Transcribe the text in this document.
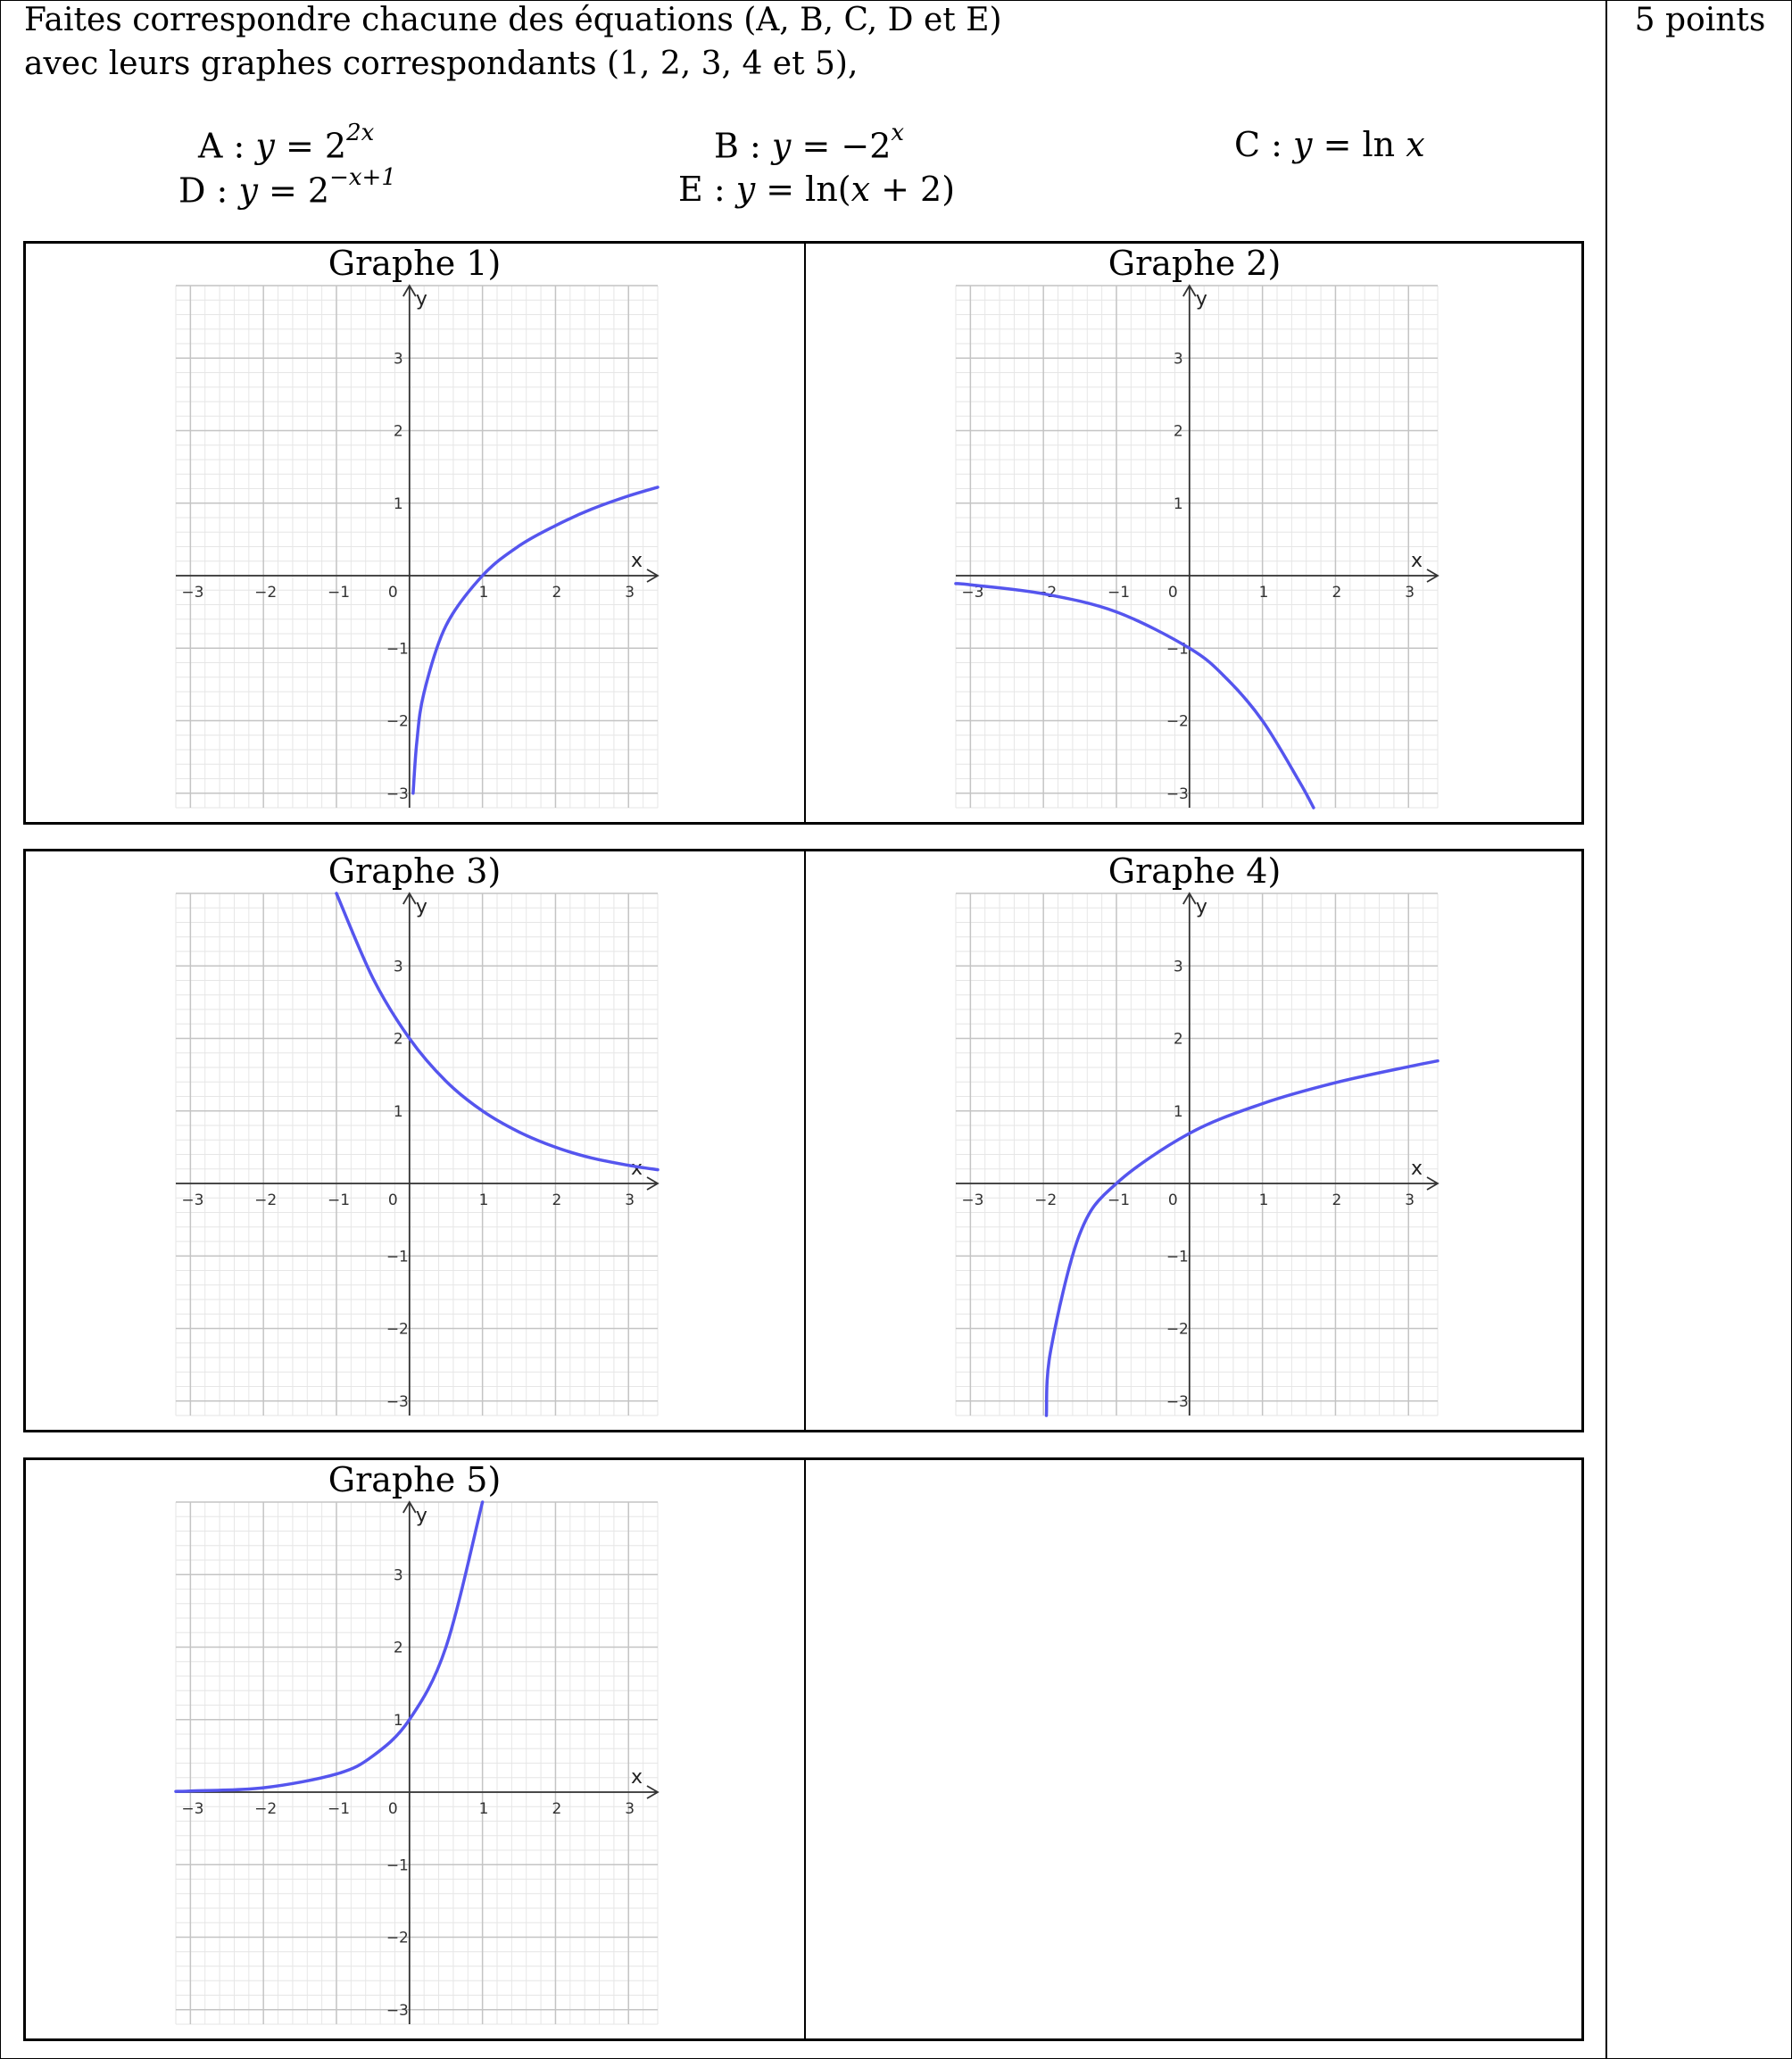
5 points
Faites correspondre chacune des équations (A, B, C, D et E)
avec leurs graphes correspondants (1, 2, 3, 4 et 5),
A : $y = 2^{2x}$	B : $y = -2^x$	C : y = ln x
D : $y = 2^{-x+1}$	E : y = ln(x + 2)
Graphe 1)
x
y
−3	−2	−1	0	1	2	3
−3
−2
−1
1
2
3
Graphe 2)
x
y
−3	−2	−1	0	1	2	3
−3
−2
−1
1
2
3
Graphe 3)
x
y
−3	−2	−1	0	1	2	3
−3
−2
−1
1
2
3
Graphe 4)
x
y
−3	−2	−1	0	1	2	3
−3
−2
−1
1
2
3
Graphe 5)
x
y
−3	−2	−1	0	1	2	3
−3
−2
−1
1
2
3
